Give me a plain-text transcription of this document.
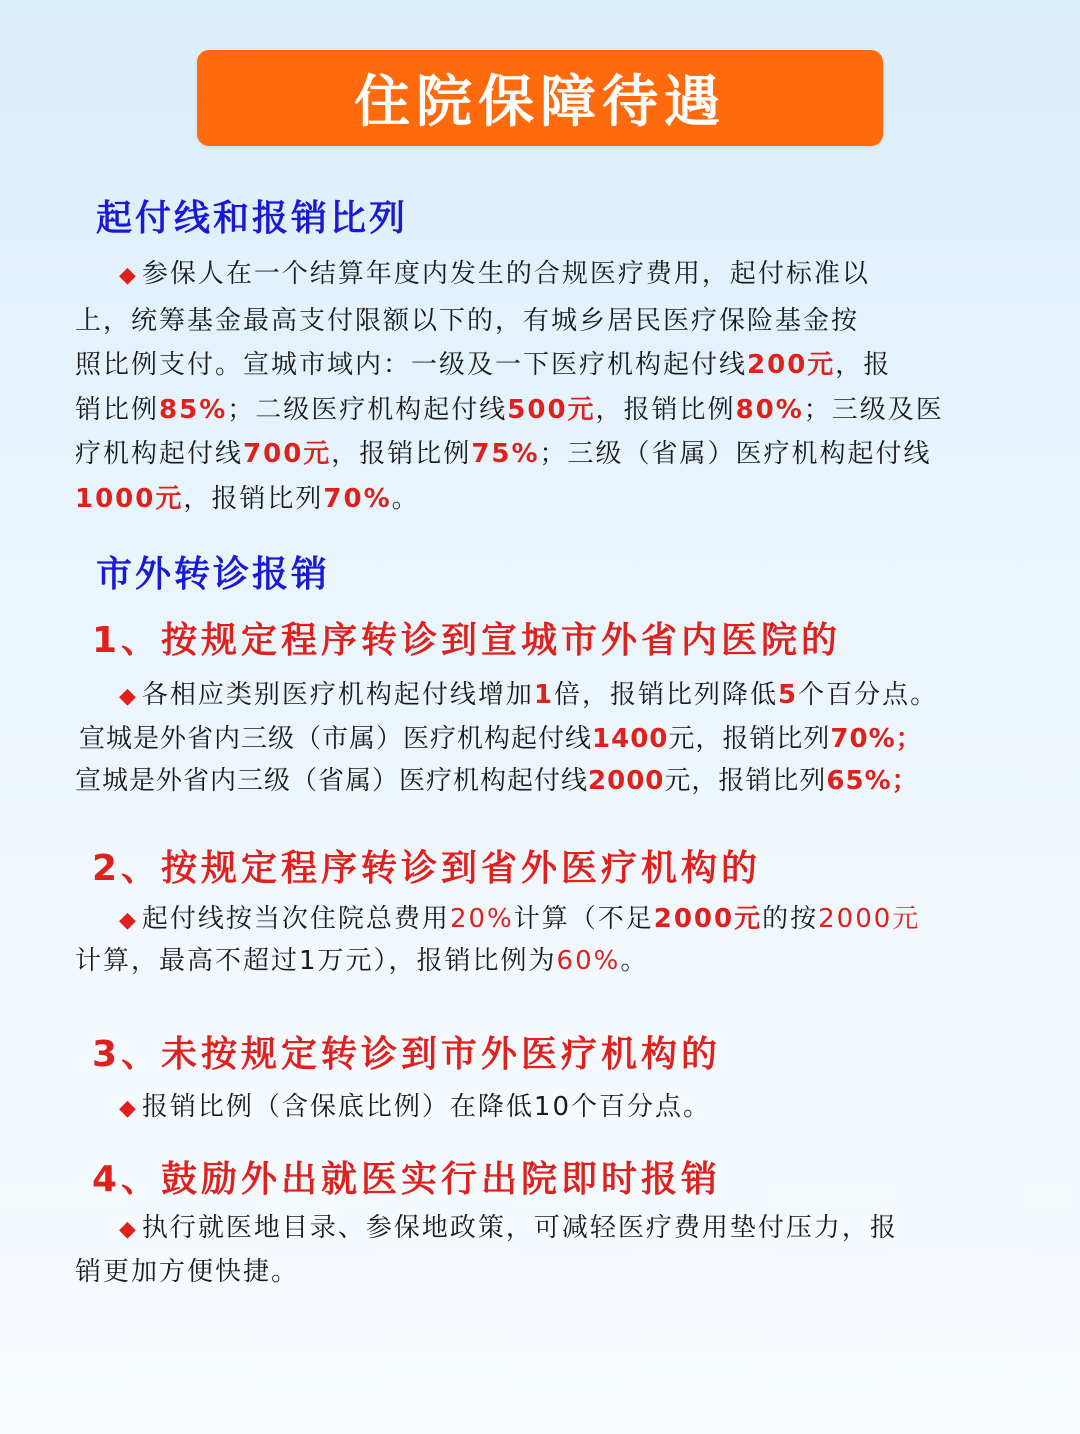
住院保障待遇
起付线和报销比列
◆ 参保人在一个结算年度内发生的合规医疗费用，起付标准以
上，统筹基金最高支付限额以下的，有城乡居民医疗保险基金按
照比例支付。宣城市域内：一级及一下医疗机构起付线200元，报
销比例85%；二级医疗机构起付线500元，报销比例80%；三级及医
疗机构起付线700元，报销比例75%；三级（省属）医疗机构起付线
1000元，报销比列70%。
市外转诊报销
1、按规定程序转诊到宣城市外省内医院的
◆ 各相应类别医疗机构起付线增加1倍，报销比列降低5个百分点。
宣城是外省内三级（市属）医疗机构起付线1400元，报销比列70%；
宣城是外省内三级（省属）医疗机构起付线2000元，报销比列65%；
2、按规定程序转诊到省外医疗机构的
◆ 起付线按当次住院总费用20%计算（不足2000元的按2000元
计算，最高不超过1万元），报销比例为60%。
3、未按规定转诊到市外医疗机构的
◆ 报销比例（含保底比例）在降低10个百分点。
4、鼓励外出就医实行出院即时报销
◆ 执行就医地目录、参保地政策，可减轻医疗费用垫付压力，报
销更加方便快捷。
